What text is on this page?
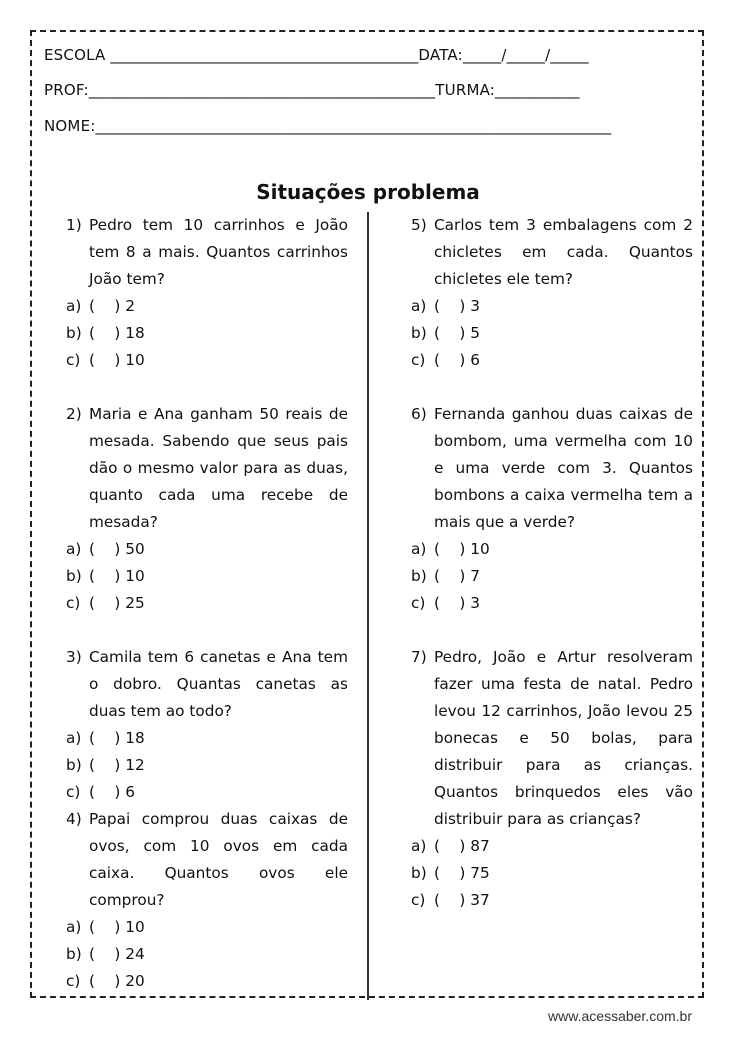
ESCOLA ________________________________________DATA:_____/_____/_____
PROF:_____________________________________________TURMA:___________
NOME:___________________________________________________________________
Situações problema
1) Pedro tem 10 carrinhos e João tem 8 a mais. Quantos carrinhos João tem?
a) (    ) 2
b) (    ) 18
c) (    ) 10
2) Maria e Ana ganham 50 reais de mesada. Sabendo que seus pais dão o mesmo valor para as duas, quanto cada uma recebe de mesada?
a) (    ) 50
b) (    ) 10
c) (    ) 25
3) Camila tem 6 canetas e Ana tem o dobro. Quantas canetas as duas tem ao todo?
a) (    ) 18
b) (    ) 12
c) (    ) 6
4) Papai comprou duas caixas de ovos, com 10 ovos em cada caixa. Quantos ovos ele comprou?
a) (    ) 10
b) (    ) 24
c) (    ) 20
5) Carlos tem 3 embalagens com 2 chicletes em cada. Quantos chicletes ele tem?
a) (    ) 3
b) (    ) 5
c) (    ) 6
6) Fernanda ganhou duas caixas de bombom, uma vermelha com 10 e uma verde com 3. Quantos bombons a caixa vermelha tem a mais que a verde?
a) (    ) 10
b) (    ) 7
c) (    ) 3
7) Pedro, João e Artur resolveram fazer uma festa de natal. Pedro levou 12 carrinhos, João levou 25 bonecas e 50 bolas, para distribuir para as crianças. Quantos brinquedos eles vão distribuir para as crianças?
a) (    ) 87
b) (    ) 75
c) (    ) 37
www.acessaber.com.br
